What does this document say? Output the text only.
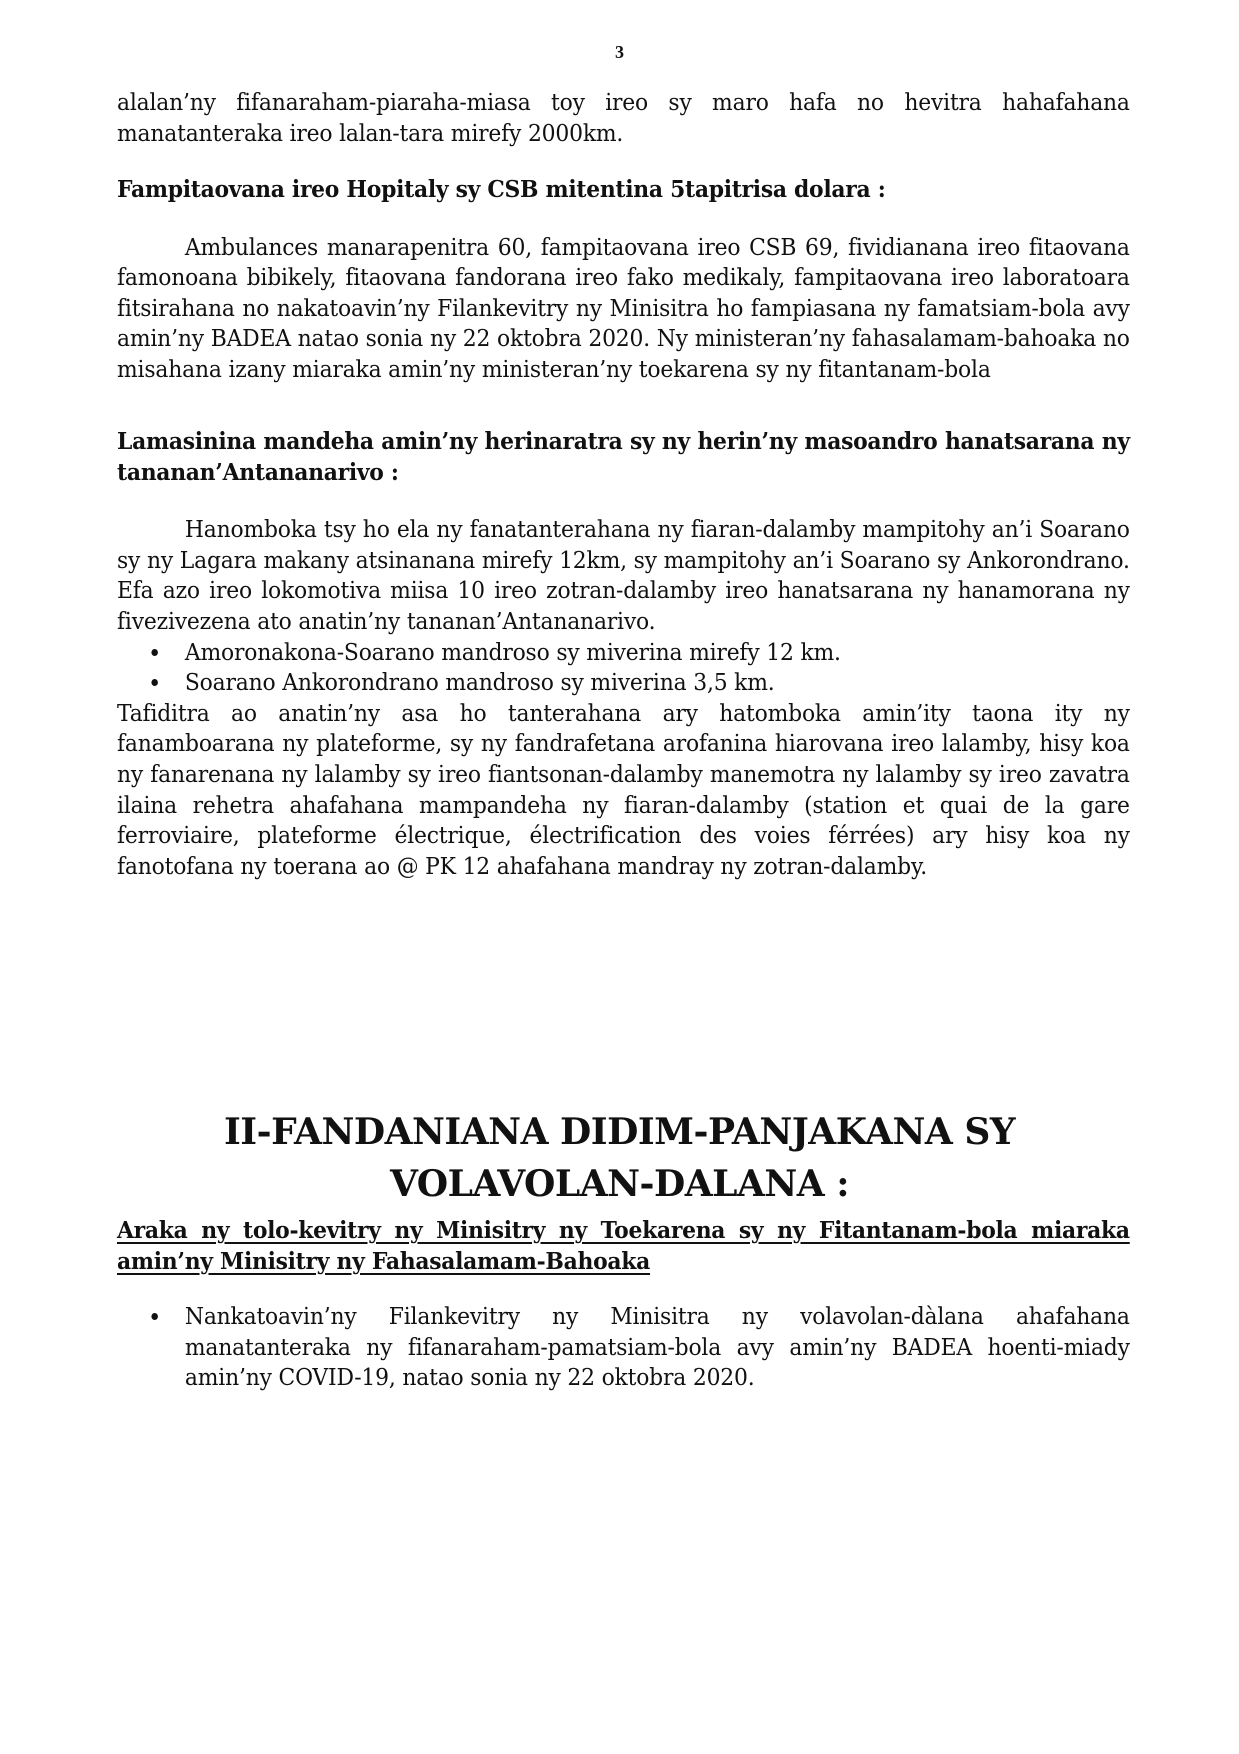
3

alalan’ny fifanaraham-piaraha-miasa toy ireo sy maro hafa no hevitra hahafahana manatanteraka ireo lalan-tara mirefy 2000km.

Fampitaovana ireo Hopitaly sy CSB mitentina 5tapitrisa dolara :

Ambulances manarapenitra 60, fampitaovana ireo CSB 69, fividianana ireo fitaovana famonoana bibikely, fitaovana fandorana ireo fako medikaly, fampitaovana ireo laboratoara fitsirahana no nakatoavin’ny Filankevitry ny Minisitra ho fampiasana ny famatsiam-bola avy amin’ny BADEA natao sonia ny 22 oktobra 2020. Ny ministeran’ny fahasalamam-bahoaka no misahana izany miaraka amin’ny ministeran’ny toekarena sy ny fitantanam-bola

Lamasinina mandeha amin’ny herinaratra sy ny herin’ny masoandro hanatsarana ny tananan’Antananarivo :

Hanomboka tsy ho ela ny fanatanterahana ny fiaran-dalamby mampitohy an’i Soarano sy ny Lagara makany atsinanana mirefy 12km, sy mampitohy an’i Soarano sy Ankorondrano. Efa azo ireo lokomotiva miisa 10 ireo zotran-dalamby ireo hanatsarana ny hanamorana ny fivezivezena ato anatin’ny tananan’Antananarivo.

Amoronakona-Soarano mandroso sy miverina mirefy 12 km.
Soarano Ankorondrano mandroso sy miverina 3,5 km.

Tafiditra ao anatin’ny asa ho tanterahana ary hatomboka amin’ity taona ity ny fanamboarana ny plateforme, sy ny fandrafetana arofanina hiarovana ireo lalamby, hisy koa ny fanarenana ny lalamby sy ireo fiantsonan-dalamby manemotra ny lalamby sy ireo zavatra ilaina rehetra ahafahana mampandeha ny fiaran-dalamby (station et quai de la gare ferroviaire, plateforme électrique, électrification des voies férrées) ary hisy koa ny fanotofana ny toerana ao @ PK 12 ahafahana mandray ny zotran-dalamby.

II-FANDANIANA DIDIM-PANJAKANA SY
VOLAVOLAN-DALANA :

Araka ny tolo-kevitry ny Minisitry ny Toekarena sy ny Fitantanam-bola miaraka amin’ny Minisitry ny Fahasalamam-Bahoaka

Nankatoavin’ny Filankevitry ny Minisitra ny volavolan-dàlana ahafahana manatanteraka ny fifanaraham-pamatsiam-bola avy amin’ny BADEA hoenti-miady amin’ny COVID-19, natao sonia ny 22 oktobra 2020.
